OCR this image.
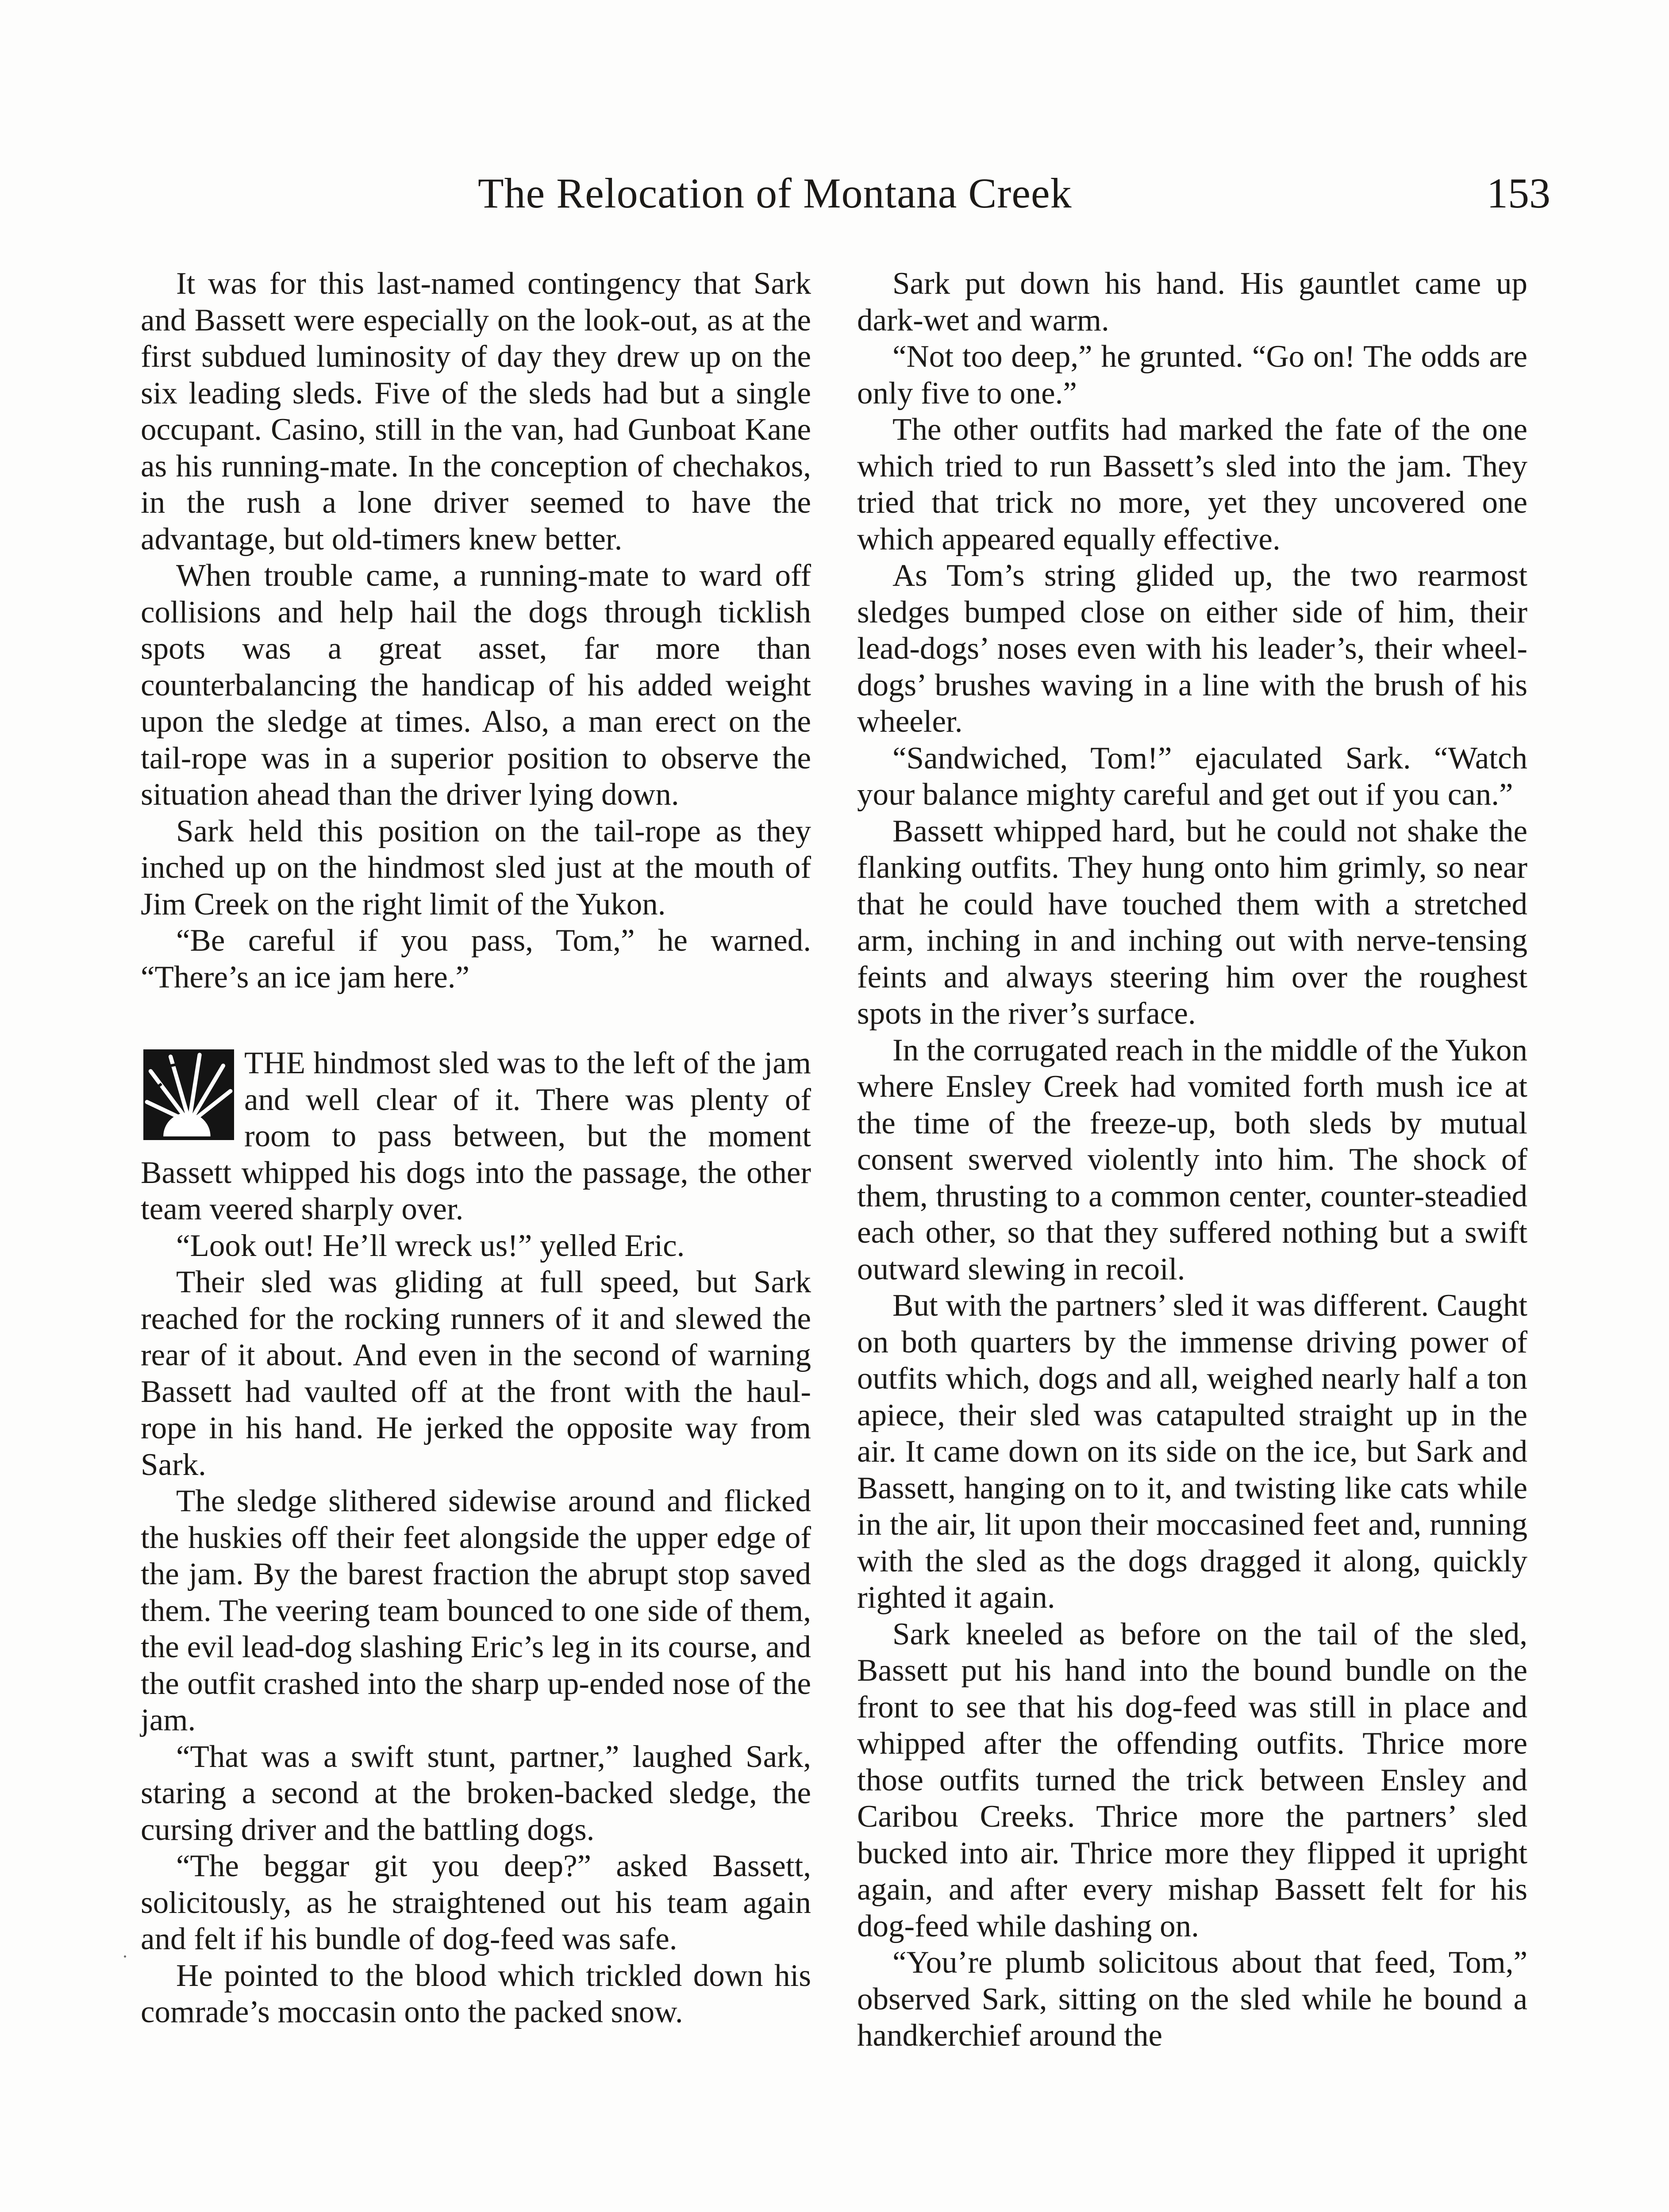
The Relocation of Montana Creek	153

It was for this last-named contingency that Sark and Bassett were especially on the look-out, as at the first subdued luminosity of day they drew up on the six leading sleds. Five of the sleds had but a single occupant. Casino, still in the van, had Gunboat Kane as his running-mate. In the conception of chechakos, in the rush a lone driver seemed to have the advantage, but old-timers knew better.

When trouble came, a running-mate to ward off collisions and help hail the dogs through ticklish spots was a great asset, far more than counterbalancing the handicap of his added weight upon the sledge at times. Also, a man erect on the tail-rope was in a superior position to observe the situation ahead than the driver lying down.

Sark held this position on the tail-rope as they inched up on the hindmost sled just at the mouth of Jim Creek on the right limit of the Yukon.

“Be careful if you pass, Tom,” he warned. “There’s an ice jam here.”

THE hindmost sled was to the left of the jam and well clear of it. There was plenty of room to pass between, but the moment Bassett whipped his dogs into the passage, the other team veered sharply over.

“Look out! He’ll wreck us!” yelled Eric.

Their sled was gliding at full speed, but Sark reached for the rocking runners of it and slewed the rear of it about. And even in the second of warning Bassett had vaulted off at the front with the haul-rope in his hand. He jerked the opposite way from Sark.

The sledge slithered sidewise around and flicked the huskies off their feet alongside the upper edge of the jam. By the barest fraction the abrupt stop saved them. The veering team bounced to one side of them, the evil lead-dog slashing Eric’s leg in its course, and the outfit crashed into the sharp up-ended nose of the jam.

“That was a swift stunt, partner,” laughed Sark, staring a second at the broken-backed sledge, the cursing driver and the battling dogs.

“The beggar git you deep?” asked Bassett, solicitously, as he straightened out his team again and felt if his bundle of dog-feed was safe.

He pointed to the blood which trickled down his comrade’s moccasin onto the packed snow.

Sark put down his hand. His gauntlet came up dark-wet and warm.

“Not too deep,” he grunted. “Go on! The odds are only five to one.”

The other outfits had marked the fate of the one which tried to run Bassett’s sled into the jam. They tried that trick no more, yet they uncovered one which appeared equally effective.

As Tom’s string glided up, the two rearmost sledges bumped close on either side of him, their lead-dogs’ noses even with his leader’s, their wheel-dogs’ brushes waving in a line with the brush of his wheeler.

“Sandwiched, Tom!” ejaculated Sark. “Watch your balance mighty careful and get out if you can.”

Bassett whipped hard, but he could not shake the flanking outfits. They hung onto him grimly, so near that he could have touched them with a stretched arm, inching in and inching out with nerve-tensing feints and always steering him over the roughest spots in the river’s surface.

In the corrugated reach in the middle of the Yukon where Ensley Creek had vomited forth mush ice at the time of the freeze-up, both sleds by mutual consent swerved violently into him. The shock of them, thrusting to a common center, counter-steadied each other, so that they suffered nothing but a swift outward slewing in recoil.

But with the partners’ sled it was different. Caught on both quarters by the immense driving power of outfits which, dogs and all, weighed nearly half a ton apiece, their sled was catapulted straight up in the air. It came down on its side on the ice, but Sark and Bassett, hanging on to it, and twisting like cats while in the air, lit upon their moccasined feet and, running with the sled as the dogs dragged it along, quickly righted it again.

Sark kneeled as before on the tail of the sled, Bassett put his hand into the bound bundle on the front to see that his dog-feed was still in place and whipped after the offending outfits. Thrice more those outfits turned the trick between Ensley and Caribou Creeks. Thrice more the partners’ sled bucked into air. Thrice more they flipped it upright again, and after every mishap Bassett felt for his dog-feed while dashing on.

“You’re plumb solicitous about that feed, Tom,” observed Sark, sitting on the sled while he bound a handkerchief around the
